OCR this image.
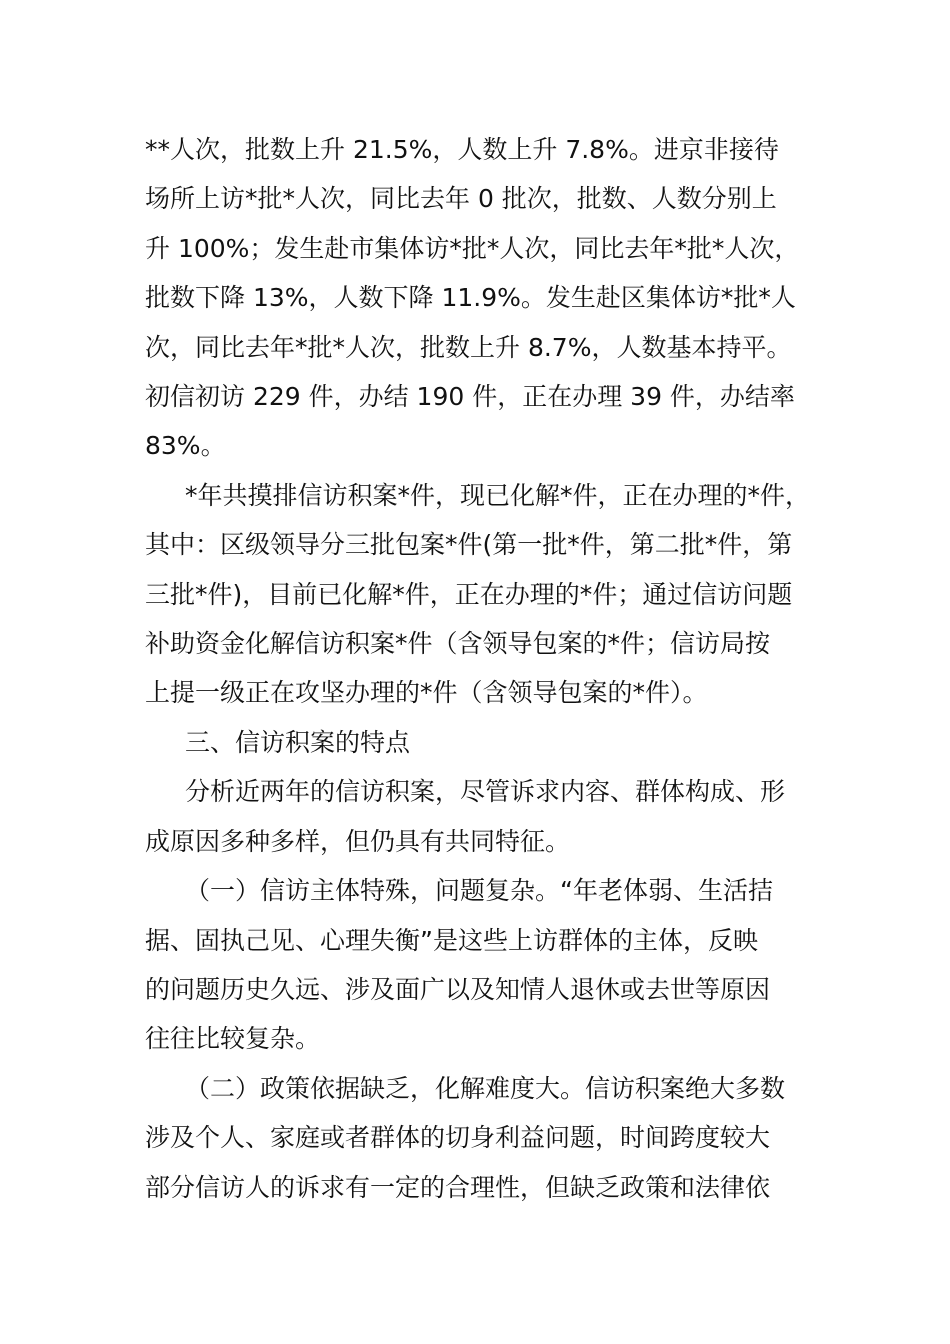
**人次，批数上升 21.5%，人数上升 7.8%。进京非接待
场所上访*批*人次，同比去年 0 批次，批数、人数分别上
升 100%；发生赴市集体访*批*人次，同比去年*批*人次，
批数下降 13%，人数下降 11.9%。发生赴区集体访*批*人
次，同比去年*批*人次，批数上升 8.7%，人数基本持平。
初信初访 229 件，办结 190 件，正在办理 39 件，办结率
83%。
*年共摸排信访积案*件，现已化解*件，正在办理的*件，
其中：区级领导分三批包案*件(第一批*件，第二批*件，第
三批*件)，目前已化解*件，正在办理的*件；通过信访问题
补助资金化解信访积案*件（含领导包案的*件；信访局按
上提一级正在攻坚办理的*件（含领导包案的*件）。
三、信访积案的特点
分析近两年的信访积案，尽管诉求内容、群体构成、形
成原因多种多样，但仍具有共同特征。
（一）信访主体特殊，问题复杂。“年老体弱、生活拮
据、固执己见、心理失衡”是这些上访群体的主体，反映
的问题历史久远、涉及面广以及知情人退休或去世等原因
往往比较复杂。
（二）政策依据缺乏，化解难度大。信访积案绝大多数
涉及个人、家庭或者群体的切身利益问题，时间跨度较大
部分信访人的诉求有一定的合理性，但缺乏政策和法律依
